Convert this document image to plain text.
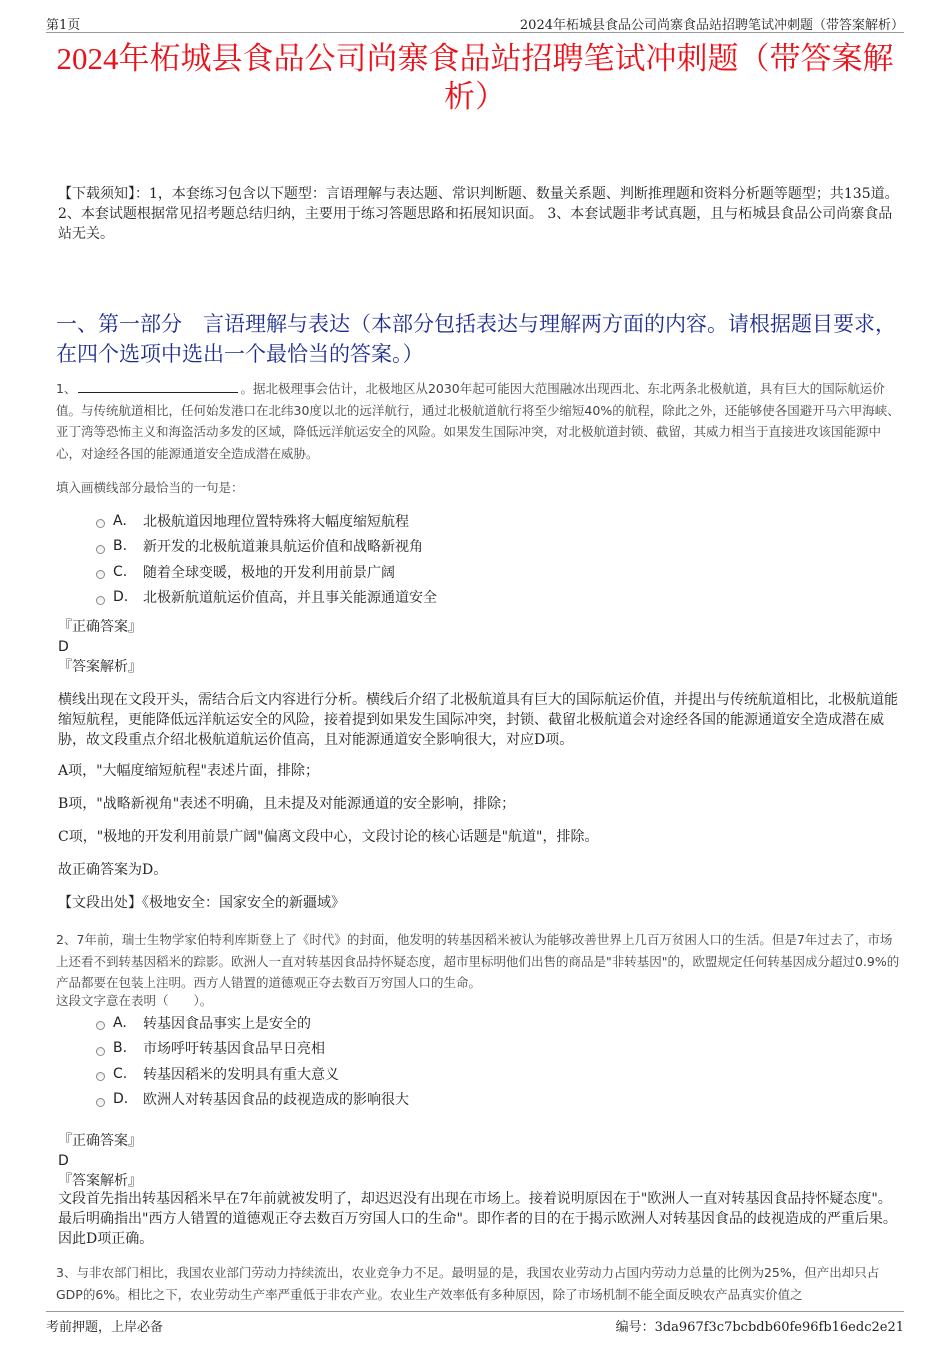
第1页	2024年柘城县食品公司尚寨食品站招聘笔试冲刺题（带答案解析）
2024年柘城县食品公司尚寨食品站招聘笔试冲刺题（带答案解析）
【下载须知】：1，本套练习包含以下题型：言语理解与表达题、常识判断题、数量关系题、判断推理题和资料分析题等题型；共135道。 2、本套试题根据常见招考题总结归纳，主要用于练习答题思路和拓展知识面。 3、本套试题非考试真题，且与柘城县食品公司尚寨食品站无关。
一、第一部分　言语理解与表达（本部分包括表达与理解两方面的内容。请根据题目要求，在四个选项中选出一个最恰当的答案。）
1、	。据北极理事会估计，北极地区从2030年起可能因大范围融冰出现西北、东北两条北极航道，具有巨大的国际航运价值。与传统航道相比，任何始发港口在北纬30度以北的远洋航行，通过北极航道航行将至少缩短40%的航程，除此之外，还能够使各国避开马六甲海峡、亚丁湾等恐怖主义和海盗活动多发的区域，降低远洋航运安全的风险。如果发生国际冲突，对北极航道封锁、截留，其威力相当于直接进攻该国能源中心，对途经各国的能源通道安全造成潜在威胁。
填入画横线部分最恰当的一句是：
A.	北极航道因地理位置特殊将大幅度缩短航程
B.	新开发的北极航道兼具航运价值和战略新视角
C.	随着全球变暖，极地的开发利用前景广阔
D.	北极新航道航运价值高，并且事关能源通道安全
『正确答案』
D
『答案解析』
横线出现在文段开头，需结合后文内容进行分析。横线后介绍了北极航道具有巨大的国际航运价值，并提出与传统航道相比，北极航道能缩短航程，更能降低远洋航运安全的风险，接着提到如果发生国际冲突，封锁、截留北极航道会对途经各国的能源通道安全造成潜在威胁，故文段重点介绍北极航道航运价值高，且对能源通道安全影响很大，对应D项。
A项，"大幅度缩短航程"表述片面，排除；
B项，"战略新视角"表述不明确，且未提及对能源通道的安全影响，排除；
C项，"极地的开发利用前景广阔"偏离文段中心，文段讨论的核心话题是"航道"，排除。
故正确答案为D。
【文段出处】《极地安全：国家安全的新疆域》
2、7年前，瑞士生物学家伯特利库斯登上了《时代》的封面，他发明的转基因稻米被认为能够改善世界上几百万贫困人口的生活。但是7年过去了，市场上还看不到转基因稻米的踪影。欧洲人一直对转基因食品持怀疑态度，超市里标明他们出售的商品是"非转基因"的，欧盟规定任何转基因成分超过0.9%的产品都要在包装上注明。西方人错置的道德观正夺去数百万穷国人口的生命。
这段文字意在表明（　　）。
A.	转基因食品事实上是安全的
B.	市场呼吁转基因食品早日亮相
C.	转基因稻米的发明具有重大意义
D.	欧洲人对转基因食品的歧视造成的影响很大
『正确答案』
D
『答案解析』
文段首先指出转基因稻米早在7年前就被发明了，却迟迟没有出现在市场上。接着说明原因在于"欧洲人一直对转基因食品持怀疑态度"。最后明确指出"西方人错置的道德观正夺去数百万穷国人口的生命"。即作者的目的在于揭示欧洲人对转基因食品的歧视造成的严重后果。因此D项正确。
3、与非农部门相比，我国农业部门劳动力持续流出，农业竞争力不足。最明显的是，我国农业劳动力占国内劳动力总量的比例为25%，但产出却只占GDP的6%。相比之下，农业劳动生产率严重低于非农产业。农业生产效率低有多种原因，除了市场机制不能全面反映农产品真实价值之
考前押题，上岸必备	编号：3da967f3c7bcbdb60fe96fb16edc2e21
